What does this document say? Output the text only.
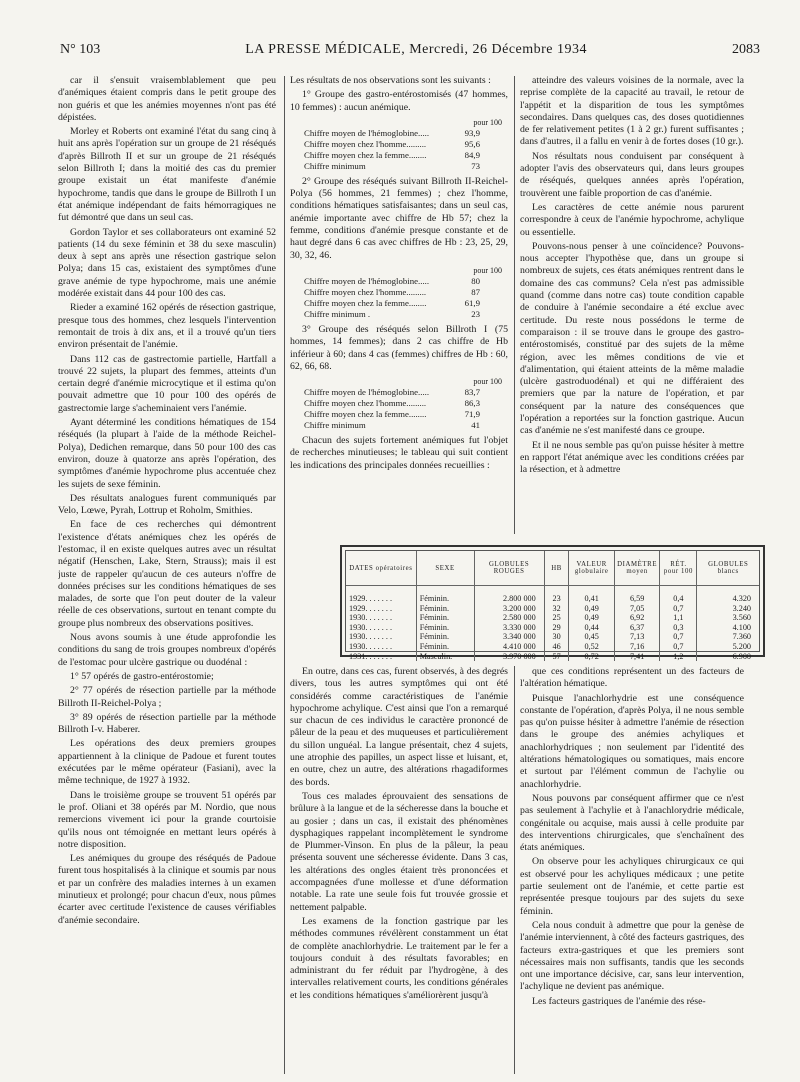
N° 103	LA PRESSE MÉDICALE, Mercredi, 26 Décembre 1934	2083

car il s'ensuit vraisemblablement que peu d'anémiques étaient compris dans le petit groupe des non guéris et que les anémies moyennes n'ont pas été dépistées.

Morley et Roberts ont examiné l'état du sang cinq à huit ans après l'opération sur un groupe de 21 réséqués d'après Billroth II et sur un groupe de 21 réséqués selon Billroth I; dans la moitié des cas du premier groupe existait un état manifeste d'anémie hypochrome, tandis que dans le groupe de Billroth I un état anémique indépendant de faits hémorragiques ne fut démontré que dans un seul cas.

Gordon Taylor et ses collaborateurs ont examiné 52 patients (14 du sexe féminin et 38 du sexe masculin) deux à sept ans après une résection gastrique selon Polya; dans 15 cas, existaient des symptômes d'une grave anémie de type hypochrome, mais une anémie modérée existait dans 44 pour 100 des cas.

Rieder a examiné 162 opérés de résection gastrique, presque tous des hommes, chez lesquels l'intervention remontait de trois à dix ans, et il a trouvé qu'un tiers environ présentait de l'anémie.

Dans 112 cas de gastrectomie partielle, Hartfall a trouvé 22 sujets, la plupart des femmes, atteints d'un certain degré d'anémie microcytique et il estima qu'on pouvait admettre que 10 pour 100 des opérés de gastrectomie large s'acheminaient vers l'anémie.

Ayant déterminé les conditions hématiques de 154 réséqués (la plupart à l'aide de la méthode Reichel-Polya), Dedichen remarque, dans 50 pour 100 des cas environ, douze à quatorze ans après l'opération, des symptômes d'anémie hypochrome plus accentuée chez les sujets de sexe féminin.

Des résultats analogues furent communiqués par Velo, Lœwe, Pyrah, Lottrup et Roholm, Smithies.

En face de ces recherches qui démontrent l'existence d'états anémiques chez les opérés de l'estomac, il en existe quelques autres avec un résultat négatif (Henschen, Lake, Stern, Strauss); mais il est juste de rappeler qu'aucun de ces auteurs n'offre de données précises sur les conditions hématiques de ses malades, de sorte que l'on peut douter de la valeur réelle de ces observations, surtout en tenant compte du groupe plus nombreux des observations positives.

Nous avons soumis à une étude approfondie les conditions du sang de trois groupes nombreux d'opérés de l'estomac pour ulcère gastrique ou duodénal :

1° 57 opérés de gastro-entérostomie;

2° 77 opérés de résection partielle par la méthode Billroth II-Reichel-Polya ;

3° 89 opérés de résection partielle par la méthode Billroth I-v. Haberer.

Les opérations des deux premiers groupes appartiennent à la clinique de Padoue et furent toutes exécutées par le même opérateur (Fasiani), avec la même technique, de 1927 à 1932.

Dans le troisième groupe se trouvent 51 opérés par le prof. Oliani et 38 opérés par M. Nordio, que nous remercions vivement ici pour la grande courtoisie qu'ils nous ont témoignée en mettant leurs opérés à notre disposition.

Les anémiques du groupe des réséqués de Padoue furent tous hospitalisés à la clinique et soumis par nous et par un confrère des maladies internes à un examen minutieux et prolongé; pour chacun d'eux, nous pûmes écarter avec certitude l'existence de causes vérifiables d'anémie secondaire.

Les résultats de nos observations sont les suivants :

1° Groupe des gastro-entérostomisés (47 hommes, 10 femmes) : aucun anémique.

pour 100
Chiffre moyen de l'hémoglobine.....	93,9
Chiffre moyen chez l'homme.........	95,6
Chiffre moyen chez la femme........	84,9
Chiffre minimum	73

2° Groupe des réséqués suivant Billroth II-Reichel-Polya (56 hommes, 21 femmes) ; chez l'homme, conditions hématiques satisfaisantes; dans un seul cas, anémie importante avec chiffre de Hb 57; chez la femme, conditions d'anémie presque constante et de haut degré dans 6 cas avec chiffres de Hb : 23, 25, 29, 30, 32, 46.

pour 100
Chiffre moyen de l'hémoglobine.....	80
Chiffre moyen chez l'homme.........	87
Chiffre moyen chez la femme........	61,9
Chiffre minimum .	23

3° Groupe des réséqués selon Billroth I (75 hommes, 14 femmes); dans 2 cas chiffre de Hb inférieur à 60; dans 4 cas (femmes) chiffres de Hb : 60, 62, 66, 68.

pour 100
Chiffre moyen de l'hémoglobine.....	83,7
Chiffre moyen chez l'homme.........	86,3
Chiffre moyen chez la femme........	71,9
Chiffre minimum	41

Chacun des sujets fortement anémiques fut l'objet de recherches minutieuses; le tableau qui suit contient les indications des principales données recueillies :

atteindre des valeurs voisines de la normale, avec la reprise complète de la capacité au travail, le retour de l'appétit et la disparition de tous les symptômes secondaires. Dans quelques cas, des doses quotidiennes de fer relativement petites (1 à 2 gr.) furent suffisantes ; dans d'autres, il a fallu en venir à de fortes doses (10 gr.).

Nos résultats nous conduisent par conséquent à adopter l'avis des observateurs qui, dans leurs groupes de réséqués, quelques années après l'opération, trouvèrent une faible proportion de cas d'anémie.

Les caractères de cette anémie nous parurent correspondre à ceux de l'anémie hypochrome, achylique ou essentielle.

Pouvons-nous penser à une coïncidence? Pouvons-nous accepter l'hypothèse que, dans un groupe si nombreux de sujets, ces états anémiques rentrent dans le domaine des cas communs? Cela n'est pas admissible quand (comme dans notre cas) toute condition capable de conduire à l'anémie secondaire a été exclue avec certitude. Du reste nous possédons le terme de comparaison : il se trouve dans le groupe des gastro-entérostomisés, constitué par des sujets de la même région, avec les mêmes conditions de vie et d'alimentation, qui étaient atteints de la même maladie (ulcère gastroduodénal) et qui ne différaient des premiers que par la nature de l'opération, et par conséquent par la nature des conséquences que l'opération a reportées sur la fonction gastrique. Aucun cas d'anémie ne s'est manifesté dans ce groupe.

Et il ne nous semble pas qu'on puisse hésiter à mettre en rapport l'état anémique avec les conditions créées par la résection, et à admettre

DATES opératoires	SEXE	GLOBULES ROUGES	HB	VALEUR globulaire	DIAMÈTRE moyen	RÉT. pour 100	GLOBULES blancs

1929. . . . . . .	Féminin.	2.800 000	23	0,41	6,59	0,4	4.320
1929. . . . . . .	Féminin.	3.200 000	32	0,49	7,05	0,7	3.240
1930. . . . . . .	Féminin.	2.580 000	25	0,49	6,92	1,1	3.560
1930. . . . . . .	Féminin.	3.330 000	29	0,44	6,37	0,3	4.100
1930. . . . . . .	Féminin.	3.340 000	30	0,45	7,13	0,7	7.360
1930. . . . . . .	Féminin.	4.410 000	46	0,52	7,16	0,7	5.200
1931. . . . . . .	Masculin.	3.970 000	57	0,72	7,41	1,2	6.900

En outre, dans ces cas, furent observés, à des degrés divers, tous les autres symptômes qui ont été considérés comme caractéristiques de l'anémie hypochrome achylique. C'est ainsi que l'on a remarqué sur chacun de ces individus le caractère prononcé de pâleur de la peau et des muqueuses et particulièrement du sillon unguéal. La langue présentait, chez 4 sujets, une atrophie des papilles, un aspect lisse et luisant, et, en outre, chez un autre, des altérations rhagadiformes des bords.

Tous ces malades éprouvaient des sensations de brûlure à la langue et de la sécheresse dans la bouche et au gosier ; dans un cas, il existait des phénomènes dysphagiques rappelant incomplètement le syndrome de Plummer-Vinson. En plus de la pâleur, la peau présenta souvent une sécheresse évidente. Dans 3 cas, les altérations des ongles étaient très prononcées et accompagnées d'une mollesse et d'une déformation notable. La rate une seule fois fut trouvée grossie et nettement palpable.

Les examens de la fonction gastrique par les méthodes communes révélèrent constamment un état de complète anachlorhydrie. Le traitement par le fer a toujours conduit à des résultats favorables; en administrant du fer réduit par l'hydrogène, à des intervalles relativement courts, les conditions générales et les conditions hématiques s'améliorèrent jusqu'à

que ces conditions représentent un des facteurs de l'altération hématique.

Puisque l'anachlorhydrie est une conséquence constante de l'opération, d'après Polya, il ne nous semble pas qu'on puisse hésiter à admettre l'anémie de résection dans le groupe des anémies achyliques et anachlorhydriques ; non seulement par l'identité des altérations hématologiques ou somatiques, mais encore et surtout par l'élément commun de l'achylie ou anachlorhydrie.

Nous pouvons par conséquent affirmer que ce n'est pas seulement à l'achylie et à l'anachlorydrie médicale, congénitale ou acquise, mais aussi à celle produite par des interventions chirurgicales, que s'enchaînent des états anémiques.

On observe pour les achyliques chirurgicaux ce qui est observé pour les achyliques médicaux ; une petite partie seulement ont de l'anémie, et cette partie est représentée presque toujours par des sujets du sexe féminin.

Cela nous conduit à admettre que pour la genèse de l'anémie interviennent, à côté des facteurs gastriques, des facteurs extra-gastriques et que les premiers sont nécessaires mais non suffisants, tandis que les seconds ont une importance décisive, car, sans leur intervention, l'achylique ne devient pas anémique.

Les facteurs gastriques de l'anémie des rése-
